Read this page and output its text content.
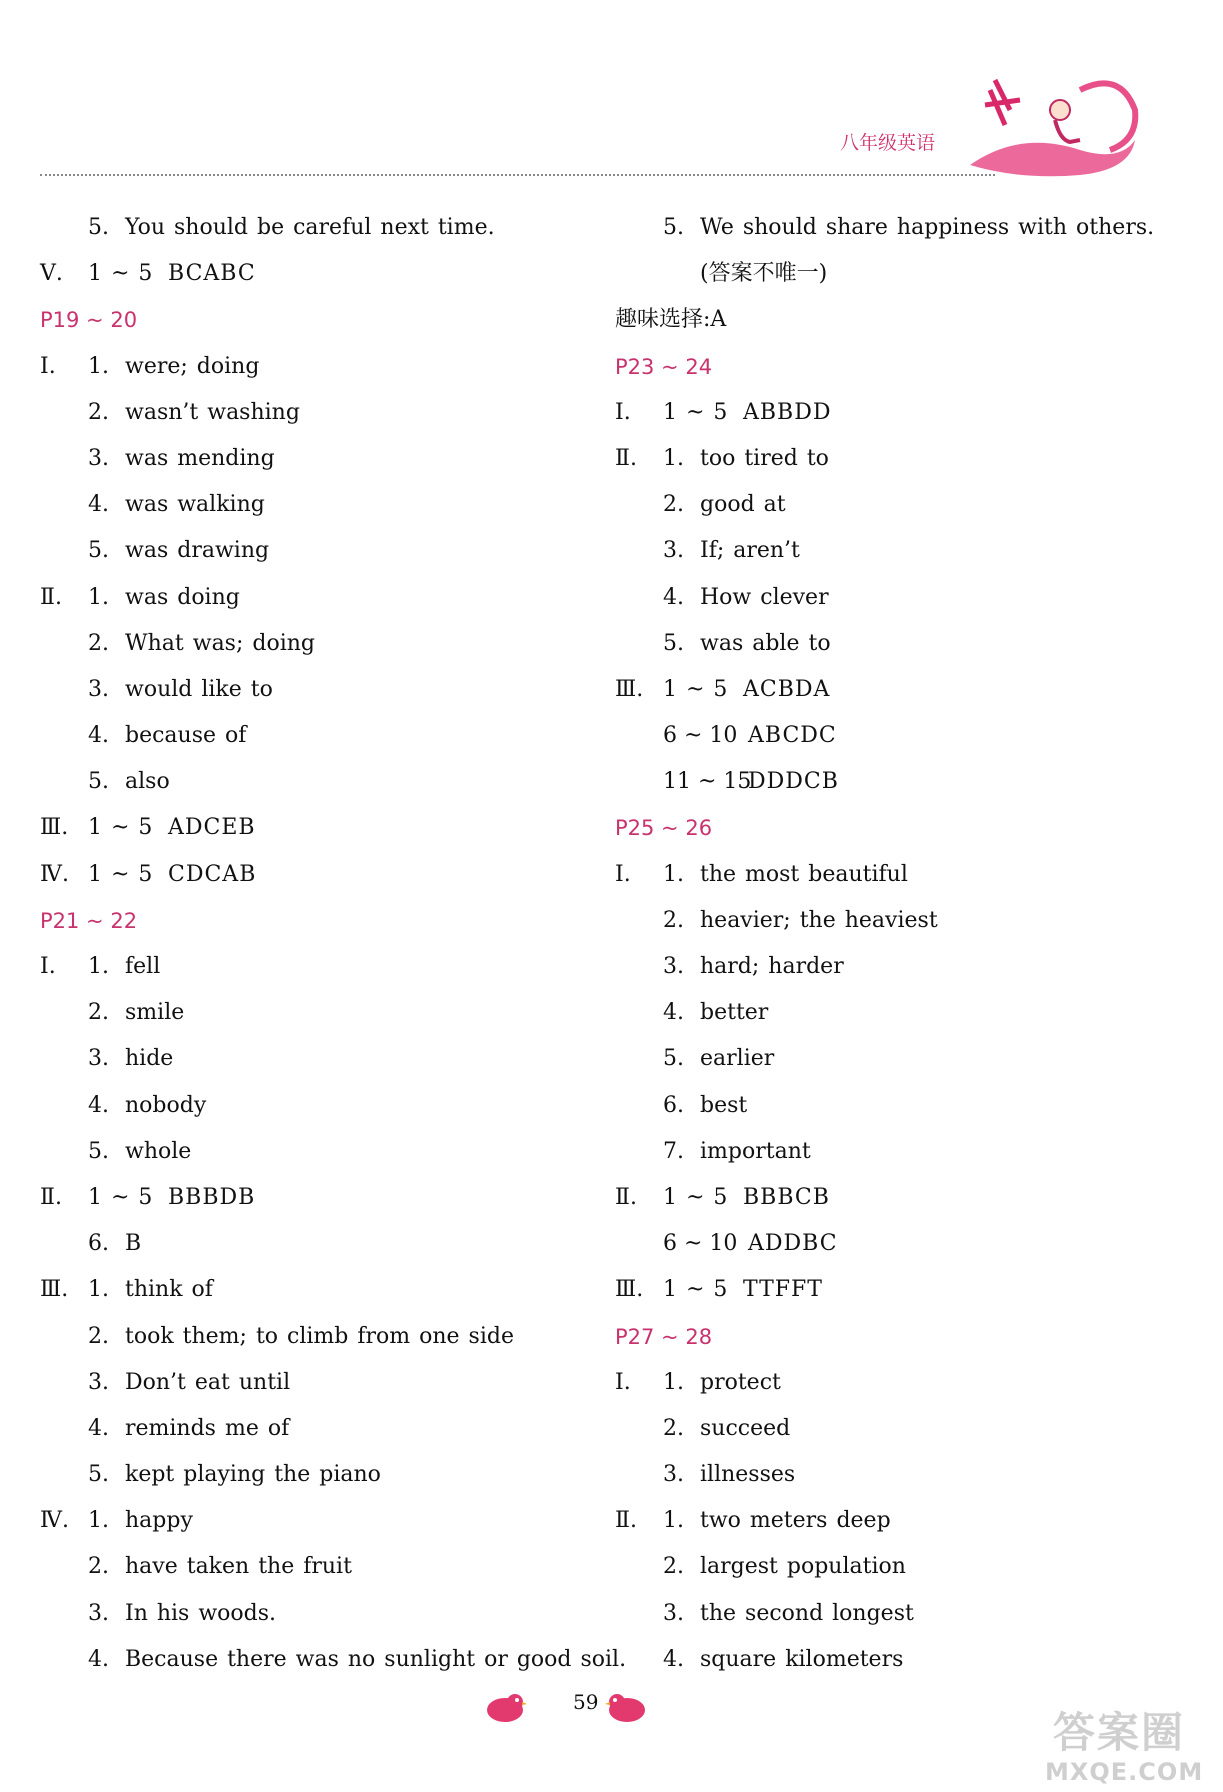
八年级英语
5. You should be careful next time.
Ⅴ. 1 ~ 5 BCABC
P19 ~ 20
Ⅰ. 1. were; doing
2. wasn’t washing
3. was mending
4. was walking
5. was drawing
Ⅱ. 1. was doing
2. What was; doing
3. would like to
4. because of
5. also
Ⅲ. 1 ~ 5 ADCEB
Ⅳ. 1 ~ 5 CDCAB
P21 ~ 22
Ⅰ. 1. fell
2. smile
3. hide
4. nobody
5. whole
Ⅱ. 1 ~ 5 BBBDB
6. B
Ⅲ. 1. think of
2. took them; to climb from one side
3. Don’t eat until
4. reminds me of
5. kept playing the piano
Ⅳ. 1. happy
2. have taken the fruit
3. In his woods.
4. Because there was no sunlight or good soil.
5. We should share happiness with others.
(答案不唯一)
趣味选择:A
P23 ~ 24
Ⅰ. 1 ~ 5 ABBDD
Ⅱ. 1. too tired to
2. good at
3. If; aren’t
4. How clever
5. was able to
Ⅲ. 1 ~ 5 ACBDA
6 ~ 10 ABCDC
11 ~ 15
DDDCB
P25 ~ 26
Ⅰ. 1. the most beautiful
2. heavier; the heaviest
3. hard; harder
4. better
5. earlier
6. best
7. important
Ⅱ. 1 ~ 5 BBBCB
6 ~ 10 ADDBC
Ⅲ. 1 ~ 5 TTFFT
P27 ~ 28
Ⅰ. 1. protect
2. succeed
3. illnesses
Ⅱ. 1. two meters deep
2. largest population
3. the second longest
4. square kilometers
59
答案圈
MXQE.COM
